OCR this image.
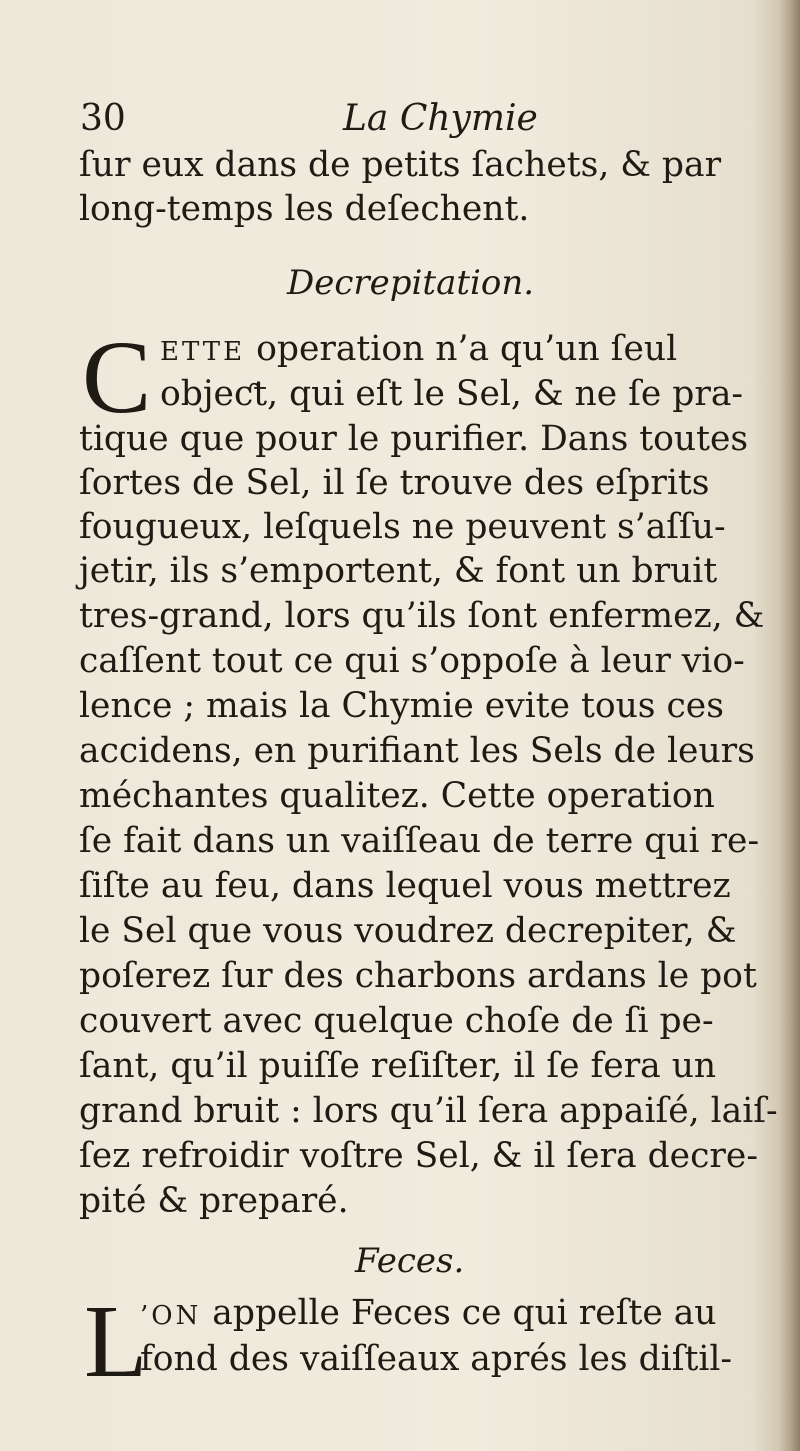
30	La Chymie
ſur eux dans de petits ſachets, & par
long-temps les deſechent.
Decrepitation.
C ETTE operation n’a qu’un ſeul
objeƈt, qui eſt le Sel, & ne ſe pra-
tique que pour le purifier. Dans toutes
ſortes de Sel, il ſe trouve des eſprits
fougueux, leſquels ne peuvent s’aſſu-
jetir, ils s’emportent, & font un bruit
tres-grand, lors qu’ils ſont enfermez, &
caſſent tout ce qui s’oppoſe à leur vio-
lence ; mais la Chymie evite tous ces
accidens, en purifiant les Sels de leurs
méchantes qualitez. Cette operation
ſe fait dans un vaiſſeau de terre qui re-
ſiſte au feu, dans lequel vous mettrez
le Sel que vous voudrez decrepiter, &
poſerez ſur des charbons ardans le pot
couvert avec quelque choſe de ſi pe-
ſant, qu’il puiſſe reſiſter, il ſe fera un
grand bruit : lors qu’il ſera appaiſé, laiſ-
ſez refroidir voſtre Sel, & il ſera decre-
pité & preparé.
Feces.
L
’ON appelle Feces ce qui reſte au
fond des vaiſſeaux aprés les diſtil-
